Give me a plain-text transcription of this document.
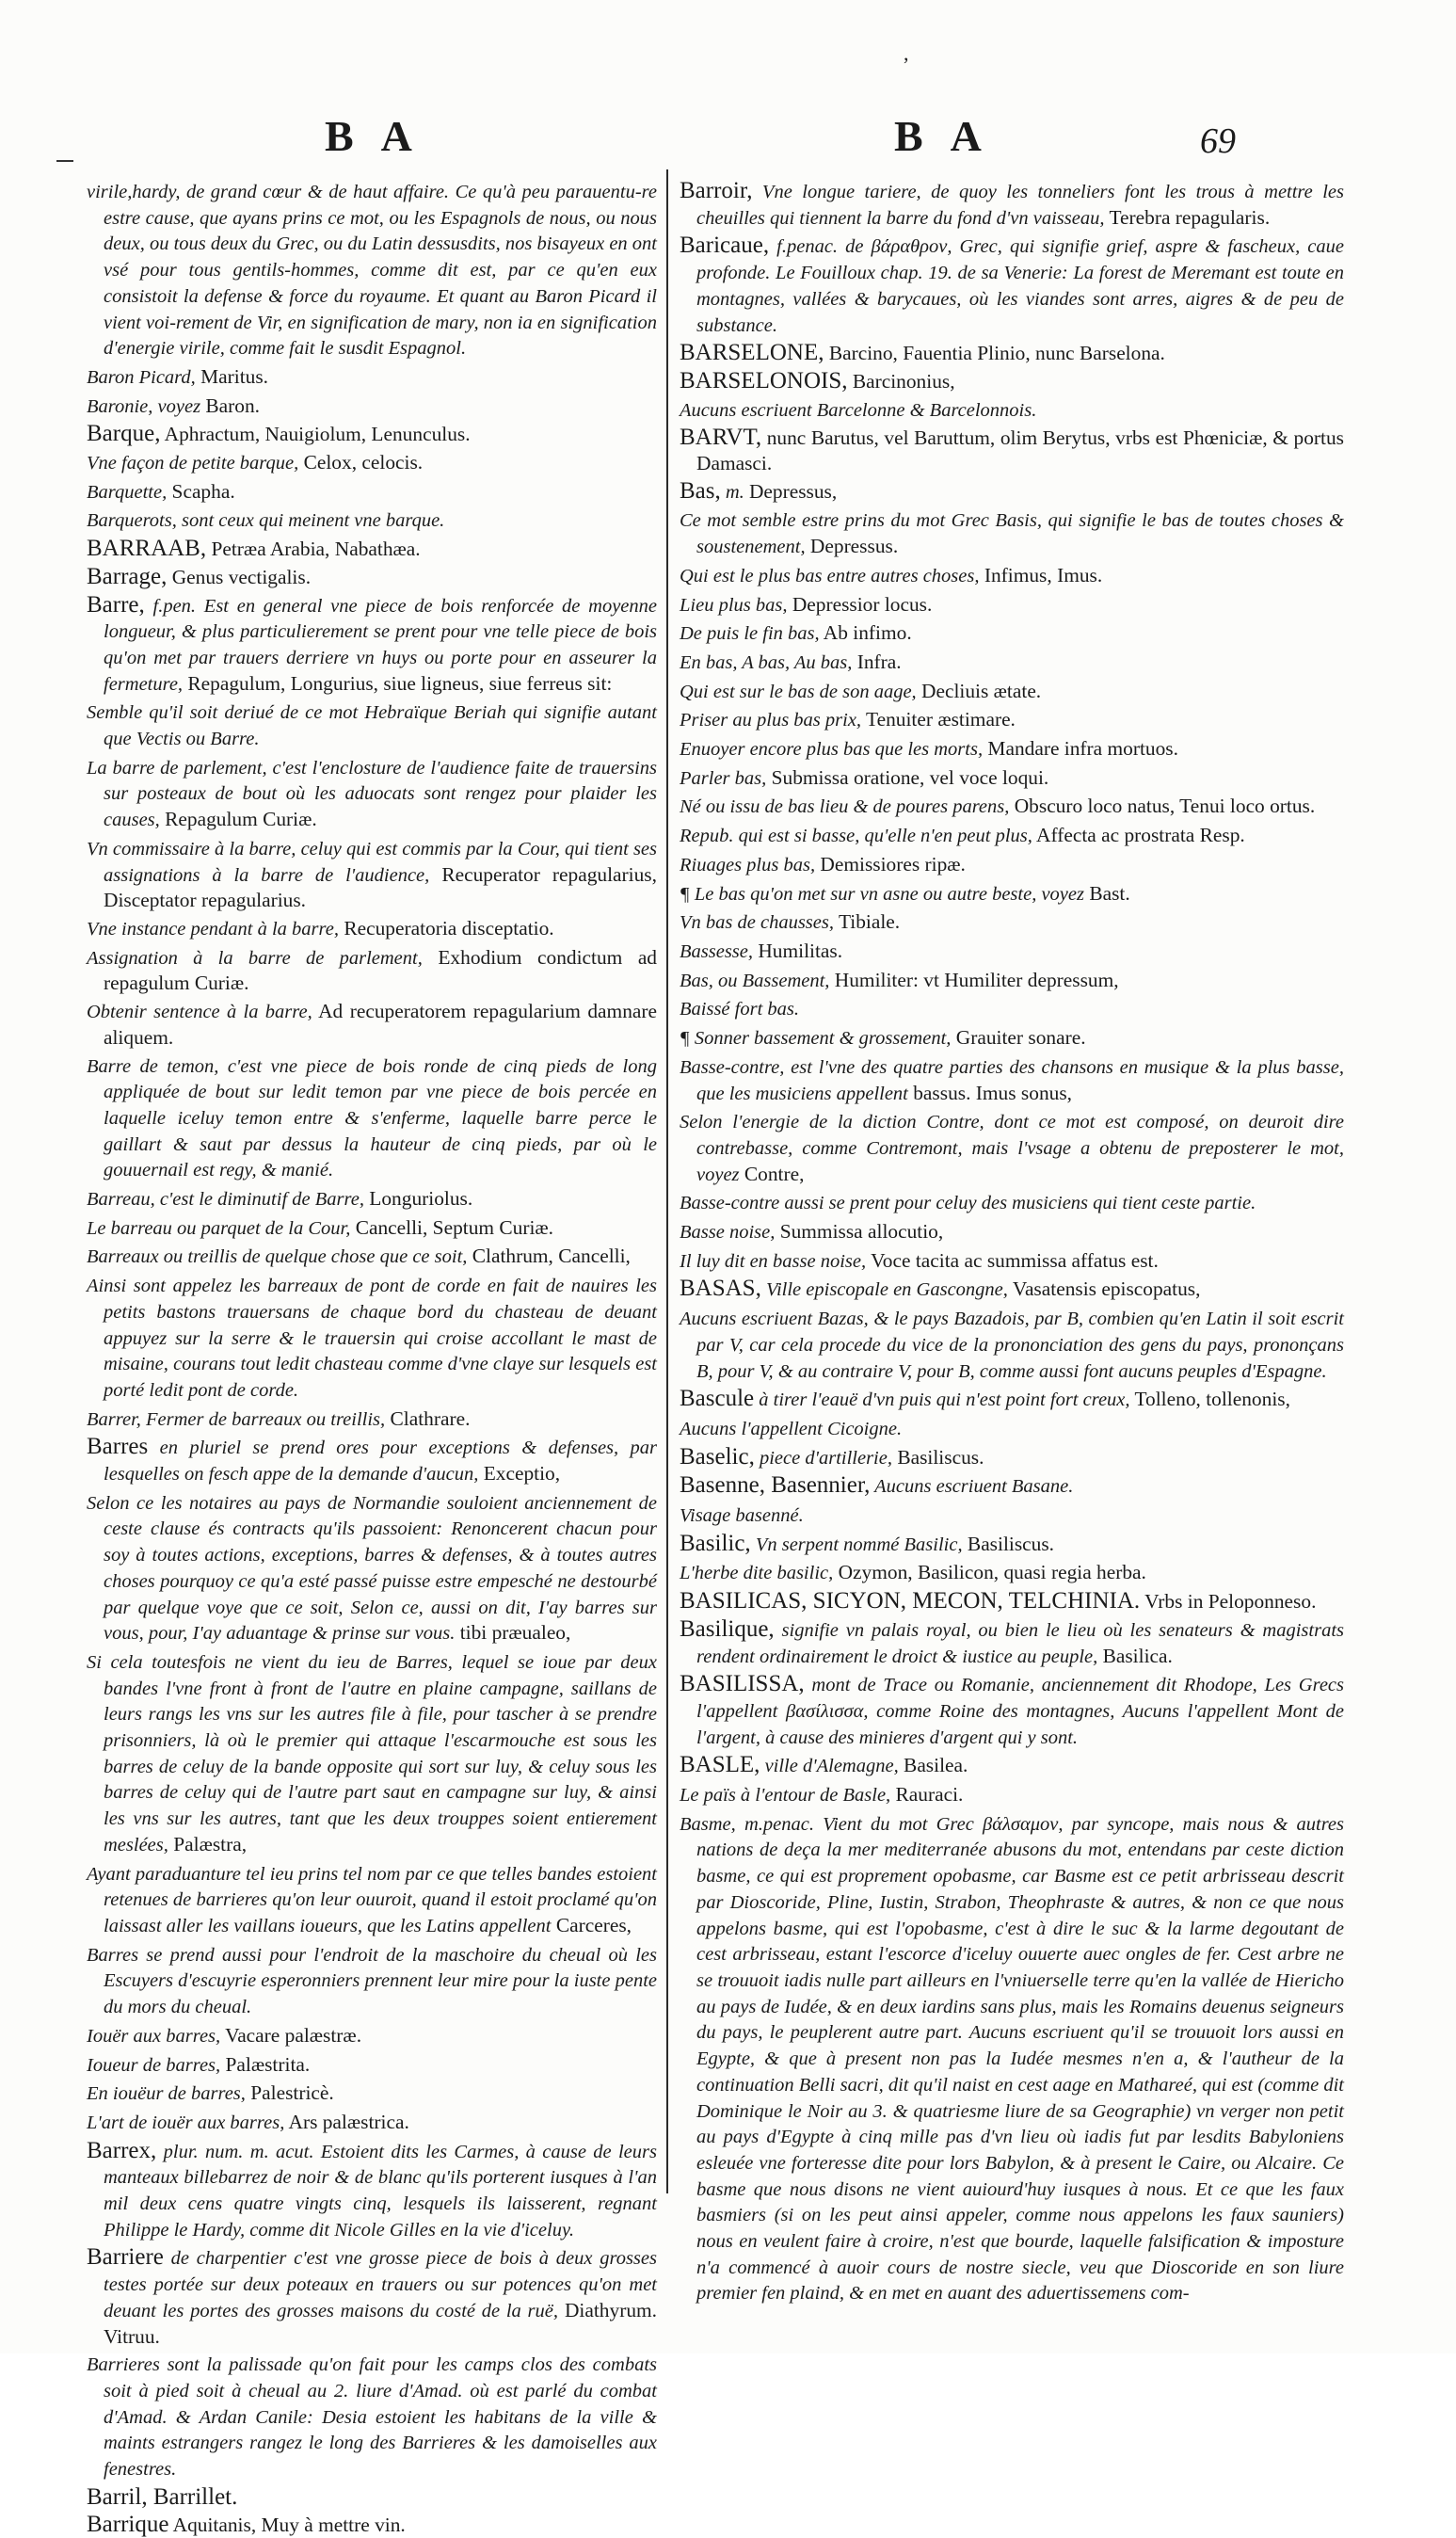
,
B A	B A	69

virile,hardy, de grand cœur & de haut affaire. Ce qu'à peu parauentu-re estre cause, que ayans prins ce mot, ou les Espagnols de nous, ou nous deux, ou tous deux du Grec, ou du Latin dessusdits, nos bisayeux en ont vsé pour tous gentils-hommes, comme dit est, par ce qu'en eux consistoit la defense & force du royaume. Et quant au Baron Picard il vient voi-rement de Vir, en signification de mary, non ia en signification d'energie virile, comme fait le susdit Espagnol.

Baron Picard, Maritus.

Baronie, voyez Baron.

Barque, Aphractum, Nauigiolum, Lenunculus.

Vne façon de petite barque, Celox, celocis.

Barquette, Scapha.

Barquerots, sont ceux qui meinent vne barque.

BARRAAB, Petræa Arabia, Nabathæa.

Barrage, Genus vectigalis.

Barre, f.pen. Est en general vne piece de bois renforcée de moyenne longueur, & plus particulierement se prent pour vne telle piece de bois qu'on met par trauers derriere vn huys ou porte pour en asseurer la fermeture, Repagulum, Longurius, siue ligneus, siue ferreus sit:

Semble qu'il soit deriué de ce mot Hebraïque Beriah qui signifie autant que Vectis ou Barre.

La barre de parlement, c'est l'enclosture de l'audience faite de trauersins sur posteaux de bout où les aduocats sont rengez pour plaider les causes, Repagulum Curiæ.

Vn commissaire à la barre, celuy qui est commis par la Cour, qui tient ses assignations à la barre de l'audience, Recuperator repagularius, Disceptator repagularius.

Vne instance pendant à la barre, Recuperatoria disceptatio.

Assignation à la barre de parlement, Exhodium condictum ad repagulum Curiæ.

Obtenir sentence à la barre, Ad recuperatorem repagularium damnare aliquem.

Barre de temon, c'est vne piece de bois ronde de cinq pieds de long appliquée de bout sur ledit temon par vne piece de bois percée en laquelle iceluy temon entre & s'enferme, laquelle barre perce le gaillart & saut par dessus la hauteur de cinq pieds, par où le gouuernail est regy, & manié.

Barreau, c'est le diminutif de Barre, Longuriolus.

Le barreau ou parquet de la Cour, Cancelli, Septum Curiæ.

Barreaux ou treillis de quelque chose que ce soit, Clathrum, Cancelli,

Ainsi sont appelez les barreaux de pont de corde en fait de nauires les petits bastons trauersans de chaque bord du chasteau de deuant appuyez sur la serre & le trauersin qui croise accollant le mast de misaine, courans tout ledit chasteau comme d'vne claye sur lesquels est porté ledit pont de corde.

Barrer, Fermer de barreaux ou treillis, Clathrare.

Barres en pluriel se prend ores pour exceptions & defenses, par lesquelles on fesch appe de la demande d'aucun, Exceptio,

Selon ce les notaires au pays de Normandie souloient anciennement de ceste clause és contracts qu'ils passoient: Renoncerent chacun pour soy à toutes actions, exceptions, barres & defenses, & à toutes autres choses pourquoy ce qu'a esté passé puisse estre empesché ne destourbé par quelque voye que ce soit, Selon ce, aussi on dit, I'ay barres sur vous, pour, I'ay aduantage & prinse sur vous. tibi præualeo,

Si cela toutesfois ne vient du ieu de Barres, lequel se ioue par deux bandes l'vne front à front de l'autre en plaine campagne, saillans de leurs rangs les vns sur les autres file à file, pour tascher à se prendre prisonniers, là où le premier qui attaque l'escarmouche est sous les barres de celuy de la bande opposite qui sort sur luy, & celuy sous les barres de celuy qui de l'autre part saut en campagne sur luy, & ainsi les vns sur les autres, tant que les deux trouppes soient entierement meslées, Palæstra,

Ayant paraduanture tel ieu prins tel nom par ce que telles bandes estoient retenues de barrieres qu'on leur ouuroit, quand il estoit proclamé qu'on laissast aller les vaillans ioueurs, que les Latins appellent Carceres,

Barres se prend aussi pour l'endroit de la maschoire du cheual où les Escuyers d'escuyrie esperonniers prennent leur mire pour la iuste pente du mors du cheual.

Iouër aux barres, Vacare palæstræ.

Ioueur de barres, Palæstrita.

En iouëur de barres, Palestricè.

L'art de iouër aux barres, Ars palæstrica.

Barrex, plur. num. m. acut. Estoient dits les Carmes, à cause de leurs manteaux billebarrez de noir & de blanc qu'ils porterent iusques à l'an mil deux cens quatre vingts cinq, lesquels ils laisserent, regnant Philippe le Hardy, comme dit Nicole Gilles en la vie d'iceluy.

Barriere de charpentier c'est vne grosse piece de bois à deux grosses testes portée sur deux poteaux en trauers ou sur potences qu'on met deuant les portes des grosses maisons du costé de la ruë, Diathyrum. Vitruu.

Barrieres sont la palissade qu'on fait pour les camps clos des combats soit à pied soit à cheual au 2. liure d'Amad. où est parlé du combat d'Amad. & Ardan Canile: Desia estoient les habitans de la ville & maints estrangers rangez le long des Barrieres & les damoiselles aux fenestres.

Barril, Barrillet.

Barrique Aquitanis, Muy à mettre vin.

Barroir, Vne longue tariere, de quoy les tonneliers font les trous à mettre les cheuilles qui tiennent la barre du fond d'vn vaisseau, Terebra repagularis.

Baricaue, f.penac. de βάραθρον, Grec, qui signifie grief, aspre & fascheux, caue profonde. Le Fouilloux chap. 19. de sa Venerie: La forest de Meremant est toute en montagnes, vallées & barycaues, où les viandes sont arres, aigres & de peu de substance.

BARSELONE, Barcino, Fauentia Plinio, nunc Barselona.

BARSELONOIS, Barcinonius,

Aucuns escriuent Barcelonne & Barcelonnois.

BARVT, nunc Barutus, vel Baruttum, olim Berytus, vrbs est Phœniciæ, & portus Damasci.

Bas, m. Depressus,

Ce mot semble estre prins du mot Grec Basis, qui signifie le bas de toutes choses & soustenement, Depressus.

Qui est le plus bas entre autres choses, Infimus, Imus.

Lieu plus bas, Depressior locus.

De puis le fin bas, Ab infimo.

En bas, A bas, Au bas, Infra.

Qui est sur le bas de son aage, Decliuis ætate.

Priser au plus bas prix, Tenuiter æstimare.

Enuoyer encore plus bas que les morts, Mandare infra mortuos.

Parler bas, Submissa oratione, vel voce loqui.

Né ou issu de bas lieu & de poures parens, Obscuro loco natus, Tenui loco ortus.

Repub. qui est si basse, qu'elle n'en peut plus, Affecta ac prostrata Resp.

Riuages plus bas, Demissiores ripæ.

¶ Le bas qu'on met sur vn asne ou autre beste, voyez Bast.

Vn bas de chausses, Tibiale.

Bassesse, Humilitas.

Bas, ou Bassement, Humiliter: vt Humiliter depressum,

Baissé fort bas.

¶ Sonner bassement & grossement, Grauiter sonare.

Basse-contre, est l'vne des quatre parties des chansons en musique & la plus basse, que les musiciens appellent bassus. Imus sonus,

Selon l'energie de la diction Contre, dont ce mot est composé, on deuroit dire contrebasse, comme Contremont, mais l'vsage a obtenu de preposterer le mot, voyez Contre,

Basse-contre aussi se prent pour celuy des musiciens qui tient ceste partie.

Basse noise, Summissa allocutio,

Il luy dit en basse noise, Voce tacita ac summissa affatus est.

BASAS, Ville episcopale en Gascongne, Vasatensis episcopatus,

Aucuns escriuent Bazas, & le pays Bazadois, par B, combien qu'en Latin il soit escrit par V, car cela procede du vice de la prononciation des gens du pays, prononçans B, pour V, & au contraire V, pour B, comme aussi font aucuns peuples d'Espagne.

Bascule à tirer l'eauë d'vn puis qui n'est point fort creux, Tolleno, tollenonis,

Aucuns l'appellent Cicoigne.

Baselic, piece d'artillerie, Basiliscus.

Basenne, Basennier, Aucuns escriuent Basane.

Visage basenné.

Basilic, Vn serpent nommé Basilic, Basiliscus.

L'herbe dite basilic, Ozymon, Basilicon, quasi regia herba.

BASILICAS, SICYON, MECON, TELCHINIA. Vrbs in Peloponneso.

Basilique, signifie vn palais royal, ou bien le lieu où les senateurs & magistrats rendent ordinairement le droict & iustice au peuple, Basilica.

BASILISSA, mont de Trace ou Romanie, anciennement dit Rhodope, Les Grecs l'appellent βασίλισσα, comme Roine des montagnes, Aucuns l'appellent Mont de l'argent, à cause des minieres d'argent qui y sont.

BASLE, ville d'Alemagne, Basilea.

Le païs à l'entour de Basle, Rauraci.

Basme, m.penac. Vient du mot Grec βάλσαμον, par syncope, mais nous & autres nations de deça la mer mediterranée abusons du mot, entendans par ceste diction basme, ce qui est proprement opobasme, car Basme est ce petit arbrisseau descrit par Dioscoride, Pline, Iustin, Strabon, Theophraste & autres, & non ce que nous appelons basme, qui est l'opobasme, c'est à dire le suc & la larme degoutant de cest arbrisseau, estant l'escorce d'iceluy ouuerte auec ongles de fer. Cest arbre ne se trouuoit iadis nulle part ailleurs en l'vniuerselle terre qu'en la vallée de Hiericho au pays de Iudée, & en deux iardins sans plus, mais les Romains deuenus seigneurs du pays, le peuplerent autre part. Aucuns escriuent qu'il se trouuoit lors aussi en Egypte, & que à present non pas la Iudée mesmes n'en a, & l'autheur de la continuation Belli sacri, dit qu'il naist en cest aage en Mathareé, qui est (comme dit Dominique le Noir au 3. & quatriesme liure de sa Geographie) vn verger non petit au pays d'Egypte à cinq mille pas d'vn lieu où iadis fut par lesdits Babyloniens esleuée vne forteresse dite pour lors Babylon, & à present le Caire, ou Alcaire. Ce basme que nous disons ne vient auiourd'huy iusques à nous. Et ce que les faux basmiers (si on les peut ainsi appeler, comme nous appelons les faux sauniers) nous en veulent faire à croire, n'est que bourde, laquelle falsification & imposture n'a commencé à auoir cours de nostre siecle, veu que Dioscoride en son liure premier fen plaind, & en met en auant des aduertissemens com-
